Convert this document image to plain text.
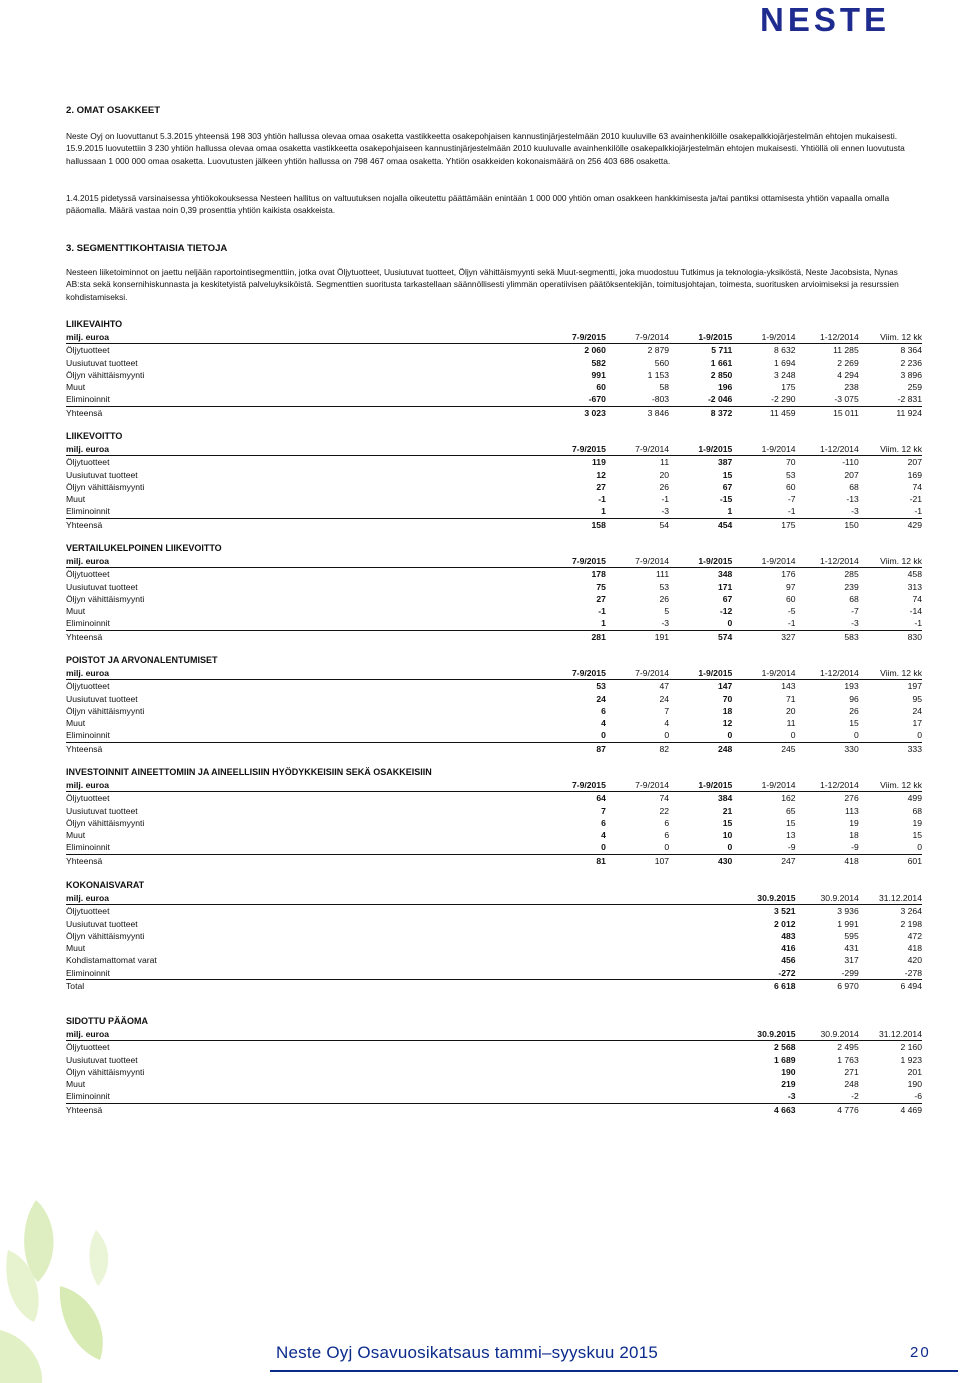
NESTE
2. OMAT OSAKKEET
Neste Oyj on luovuttanut 5.3.2015 yhteensä 198 303 yhtiön hallussa olevaa omaa osaketta vastikkeetta osakepohjaisen kannustinjärjestelmään 2010 kuuluville 63 avainhenkilöille osakepalkkiojärjestelmän ehtojen mukaisesti. 15.9.2015 luovutettiin 3 230 yhtiön hallussa olevaa omaa osaketta vastikkeetta osakepohjaiseen kannustinjärjestelmään 2010 kuuluvalle avainhenkilölle osakepalkkiojärjestelmän ehtojen mukaisesti. Yhtiöllä oli ennen luovutusta hallussaan 1 000 000 omaa osaketta. Luovutusten jälkeen yhtiön hallussa on 798 467 omaa osaketta. Yhtiön osakkeiden kokonaismäärä on 256 403 686 osaketta.
1.4.2015 pidetyssä varsinaisessa yhtiökokouksessa Nesteen hallitus on valtuutuksen nojalla oikeutettu päättämään enintään 1 000 000 yhtiön oman osakkeen hankkimisesta ja/tai pantiksi ottamisesta yhtiön vapaalla omalla pääomalla. Määrä vastaa noin 0,39 prosenttia yhtiön kaikista osakkeista.
3. SEGMENTTIKOHTAISIA TIETOJA
Nesteen liiketoiminnot on jaettu neljään raportointisegmenttiin, jotka ovat Öljytuotteet, Uusiutuvat tuotteet, Öljyn vähittäismyynti sekä Muut-segmentti, joka muodostuu Tutkimus ja teknologia-yksiköstä, Neste Jacobsista, Nynas AB:sta sekä konsernihiskunnasta ja keskitetyistä palveluyksiköistä. Segmenttien suoritusta tarkastellaan säännöllisesti ylimmän operatiivisen päätöksentekijän, toimitusjohtajan, toimesta, suoritusken arvioimiseksi ja resurssien kohdistamiseksi.
LIIKEVAIHTO						
milj. euroa	7-9/2015	7-9/2014	1-9/2015	1-9/2014	1-12/2014	Viim. 12 kk
Öljytuotteet	2 060	2 879	5 711	8 632	11 285	8 364
Uusiutuvat tuotteet	582	560	1 661	1 694	2 269	2 236
Öljyn vähittäismyynti	991	1 153	2 850	3 248	4 294	3 896
Muut	60	58	196	175	238	259
Eliminoinnit	-670	-803	-2 046	-2 290	-3 075	-2 831
Yhteensä	3 023	3 846	8 372	11 459	15 011	11 924
LIIKEVOITTO						
milj. euroa	7-9/2015	7-9/2014	1-9/2015	1-9/2014	1-12/2014	Viim. 12 kk
Öljytuotteet	119	11	387	70	-110	207
Uusiutuvat tuotteet	12	20	15	53	207	169
Öljyn vähittäismyynti	27	26	67	60	68	74
Muut	-1	-1	-15	-7	-13	-21
Eliminoinnit	1	-3	1	-1	-3	-1
Yhteensä	158	54	454	175	150	429
VERTAILUKELPOINEN LIIKEVOITTO						
milj. euroa	7-9/2015	7-9/2014	1-9/2015	1-9/2014	1-12/2014	Viim. 12 kk
Öljytuotteet	178	111	348	176	285	458
Uusiutuvat tuotteet	75	53	171	97	239	313
Öljyn vähittäismyynti	27	26	67	60	68	74
Muut	-1	5	-12	-5	-7	-14
Eliminoinnit	1	-3	0	-1	-3	-1
Yhteensä	281	191	574	327	583	830
POISTOT JA ARVONALENTUMISET						
milj. euroa	7-9/2015	7-9/2014	1-9/2015	1-9/2014	1-12/2014	Viim. 12 kk
Öljytuotteet	53	47	147	143	193	197
Uusiutuvat tuotteet	24	24	70	71	96	95
Öljyn vähittäismyynti	6	7	18	20	26	24
Muut	4	4	12	11	15	17
Eliminoinnit	0	0	0	0	0	0
Yhteensä	87	82	248	245	330	333
INVESTOINNIT AINEETTOMIIN JA AINEELLISIIN HYÖDYKKEISIIN SEKÄ OSAKKEISIIN						
milj. euroa	7-9/2015	7-9/2014	1-9/2015	1-9/2014	1-12/2014	Viim. 12 kk
Öljytuotteet	64	74	384	162	276	499
Uusiutuvat tuotteet	7	22	21	65	113	68
Öljyn vähittäismyynti	6	6	15	15	19	19
Muut	4	6	10	13	18	15
Eliminoinnit	0	0	0	-9	-9	0
Yhteensä	81	107	430	247	418	601
KOKONAISVARAT						
milj. euroa				30.9.2015	30.9.2014	31.12.2014
Öljytuotteet				3 521	3 936	3 264
Uusiutuvat tuotteet				2 012	1 991	2 198
Öljyn vähittäismyynti				483	595	472
Muut				416	431	418
Kohdistamattomat varat				456	317	420
Eliminoinnit				-272	-299	-278
Total				6 618	6 970	6 494
SIDOTTU PÄÄOMA						
milj. euroa				30.9.2015	30.9.2014	31.12.2014
Öljytuotteet				2 568	2 495	2 160
Uusiutuvat tuotteet				1 689	1 763	1 923
Öljyn vähittäismyynti				190	271	201
Muut				219	248	190
Eliminoinnit				-3	-2	-6
Yhteensä				4 663	4 776	4 469
Neste Oyj Osavuosikatsaus tammi–syyskuu 2015	20
